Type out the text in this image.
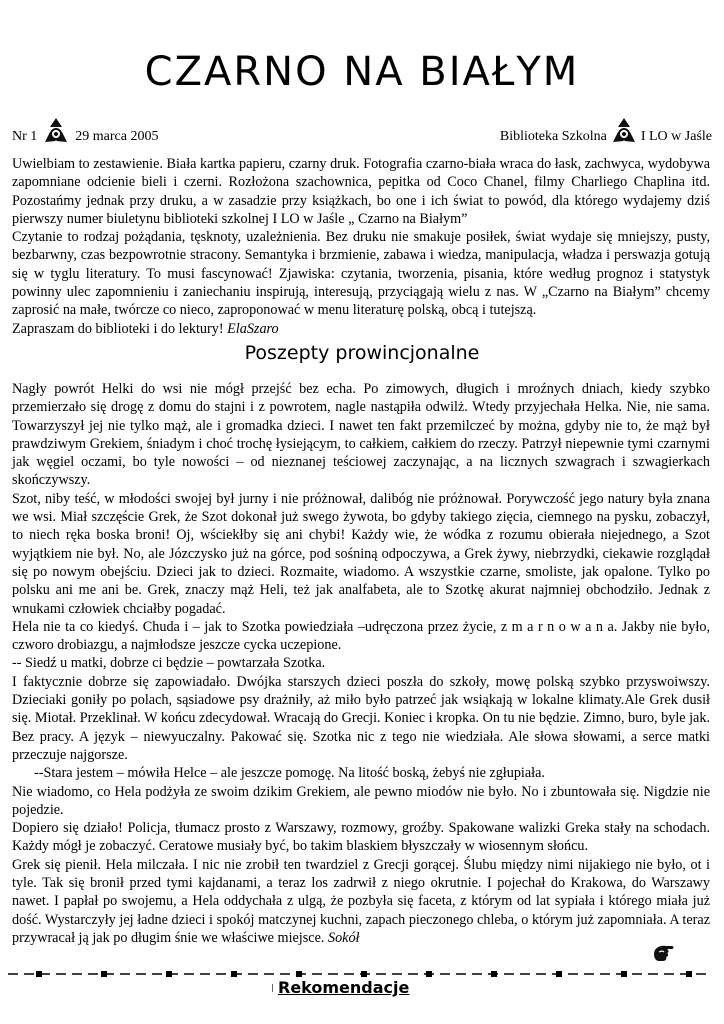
CZARNO NA BIAŁYM
Nr 1	29 marca 2005	Biblioteka Szkolna I LO w Jaśle

Uwielbiam to zestawienie. Biała kartka papieru, czarny druk. Fotografia czarno-biała wraca do łask, zachwyca, wydobywa zapomniane odcienie bieli i czerni. Rozłożona szachownica, pepitka od Coco Chanel, filmy Charliego Chaplina itd. Pozostańmy jednak przy druku, a w zasadzie przy książkach, bo one i ich świat to powód, dla którego wydajemy dziś pierwszy numer biuletynu biblioteki szkolnej I LO w Jaśle „ Czarno na Białym”

Czytanie to rodzaj pożądania, tęsknoty, uzależnienia. Bez druku nie smakuje posiłek, świat wydaje się mniejszy, pusty, bezbarwny, czas bezpowrotnie stracony. Semantyka i brzmienie, zabawa i wiedza, manipulacja, władza i perswazja gotują się w tyglu literatury. To musi fascynować! Zjawiska: czytania, tworzenia, pisania, które według prognoz i statystyk powinny ulec zapomnieniu i zaniechaniu inspirują, interesują, przyciągają wielu z nas. W „Czarno na Białym” chcemy zaprosić na małe, twórcze co nieco, zaproponować w menu literaturę polską, obcą i tutejszą.

Zapraszam do biblioteki i do lektury! ElaSzaro

Poszepty prowincjonalne

Nagły powrót Helki do wsi nie mógł przejść bez echa. Po zimowych, długich i mroźnych dniach, kiedy szybko przemierzało się drogę z domu do stajni i z powrotem, nagle nastąpiła odwilż. Wtedy przyjechała Helka. Nie, nie sama. Towarzyszył jej nie tylko mąż, ale i gromadka dzieci. I nawet ten fakt przemilczeć by można, gdyby nie to, że mąż był prawdziwym Grekiem, śniadym i choć trochę łysiejącym, to całkiem, całkiem do rzeczy. Patrzył niepewnie tymi czarnymi jak węgiel oczami, bo tyle nowości – od nieznanej teściowej zaczynając, a na licznych szwagrach i szwagierkach skończywszy.

Szot, niby teść, w młodości swojej był jurny i nie próżnował, dalibóg nie próżnował. Porywczość jego natury była znana we wsi. Miał szczęście Grek, że Szot dokonał już swego żywota, bo gdyby takiego zięcia, ciemnego na pysku, zobaczył, to niech ręka boska broni! Oj, wściekłby się ani chybi! Każdy wie, że wódka z rozumu obierała niejednego, a Szot wyjątkiem nie był. No, ale Józczysko już na górce, pod sośniną odpoczywa, a Grek żywy, niebrzydki, ciekawie rozglądał się po nowym obejściu. Dzieci jak to dzieci. Rozmaite, wiadomo. A wszystkie czarne, smoliste, jak opalone. Tylko po polsku ani me ani be. Grek, znaczy mąż Heli, też jak analfabeta, ale to Szotkę akurat najmniej obchodziło. Jednak z wnukami człowiek chciałby pogadać.

Hela nie ta co kiedyś. Chuda i – jak to Szotka powiedziała –udręczona przez życie, z m a r n o w a n a. Jakby nie było, czworo drobiazgu, a najmłodsze jeszcze cycka uczepione.

-- Siedź u matki, dobrze ci będzie – powtarzała Szotka.

I faktycznie dobrze się zapowiadało. Dwójka starszych dzieci poszła do szkoły, mowę polską szybko przyswoiwszy. Dzieciaki goniły po polach, sąsiadowe psy drażniły, aż miło było patrzeć jak wsiąkają w lokalne klimaty.Ale Grek dusił się. Miotał. Przeklinał. W końcu zdecydował. Wracają do Grecji. Koniec i kropka. On tu nie będzie. Zimno, buro, byle jak. Bez pracy. A język – niewyuczalny. Pakować się. Szotka nic z tego nie wiedziała. Ale słowa słowami, a serce matki przeczuje najgorsze.

--Stara jestem – mówiła Helce – ale jeszcze pomogę. Na litość boską, żebyś nie zgłupiała.

Nie wiadomo, co Hela podżyła ze swoim dzikim Grekiem, ale pewno miodów nie było. No i zbuntowała się. Nigdzie nie pojedzie.

Dopiero się działo! Policja, tłumacz prosto z Warszawy, rozmowy, groźby. Spakowane walizki Greka stały na schodach. Każdy mógł je zobaczyć. Ceratowe musiały być, bo takim blaskiem błyszczały w wiosennym słońcu.

Grek się pienił. Hela milczała. I nic nie zrobił ten twardziel z Grecji gorącej. Ślubu między nimi nijakiego nie było, ot i tyle. Tak się bronił przed tymi kajdanami, a teraz los zadrwił z niego okrutnie. I pojechał do Krakowa, do Warszawy nawet. I papłał po swojemu, a Hela oddychała z ulgą, że pozbyła się faceta, z którym od lat sypiała i którego miała już dość. Wystarczyły jej ładne dzieci i spokój matczynej kuchni, zapach pieczonego chleba, o którym już zapomniała. A teraz przywracał ją jak po długim śnie we właściwe miejsce. Sokół

Rekomendacje
